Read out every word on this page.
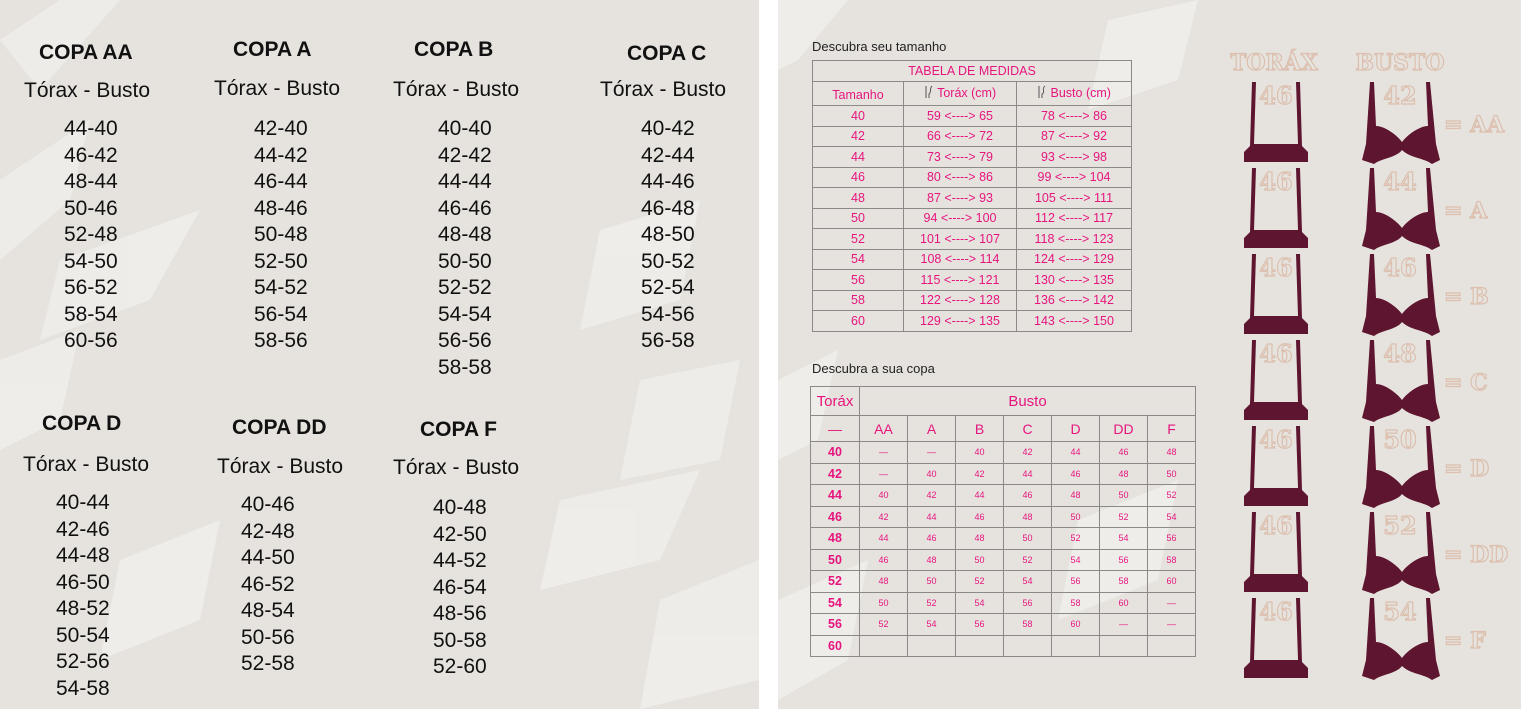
COPA AA
Tórax - Busto
44-40
46-42
48-44
50-46
52-48
54-50
56-52
58-54
60-56
COPA A
Tórax - Busto
42-40
44-42
46-44
48-46
50-48
52-50
54-52
56-54
58-56
COPA B
Tórax - Busto
40-40
42-42
44-44
46-46
48-48
50-50
52-52
54-54
56-56
58-58
COPA C
Tórax - Busto
40-42
42-44
44-46
46-48
48-50
50-52
52-54
54-56
56-58
COPA D
Tórax - Busto
40-44
42-46
44-48
46-50
48-52
50-54
52-56
54-58
COPA DD
Tórax - Busto
40-46
42-48
44-50
46-52
48-54
50-56
52-58
COPA F
Tórax - Busto
40-48
42-50
44-52
46-54
48-56
50-58
52-60
Descubra seu tamanho
TABELA DE MEDIDAS		
Tamanho	Toráx (cm)	Busto (cm)
40	59 <----> 65	78 <----> 86
42	66 <----> 72	87 <----> 92
44	73 <----> 79	93 <----> 98
46	80 <----> 86	99 <----> 104
48	87 <----> 93	105 <----> 111
50	94 <----> 100	112 <----> 117
52	101 <----> 107	118 <----> 123
54	108 <----> 114	124 <----> 129
56	115 <----> 121	130 <----> 135
58	122 <----> 128	136 <----> 142
60	129 <----> 135	143 <----> 150
Descubra a sua copa
Toráx	Busto						
—	AA	A	B	C	D	DD	F
40	—	—	40	42	44	46	48
42	—	40	42	44	46	48	50
44	40	42	44	46	48	50	52
46	42	44	46	48	50	52	54
48	44	46	48	50	52	54	56
50	46	48	50	52	54	56	58
52	48	50	52	54	56	58	60
54	50	52	54	56	58	60	—
56	52	54	56	58	60	—	—
60							
TORÁX BUSTO
46	42
= AA
46	44
= A
46	46
= B
46	48
= C
46	50
= D
46	52
= DD
46	54
= F
